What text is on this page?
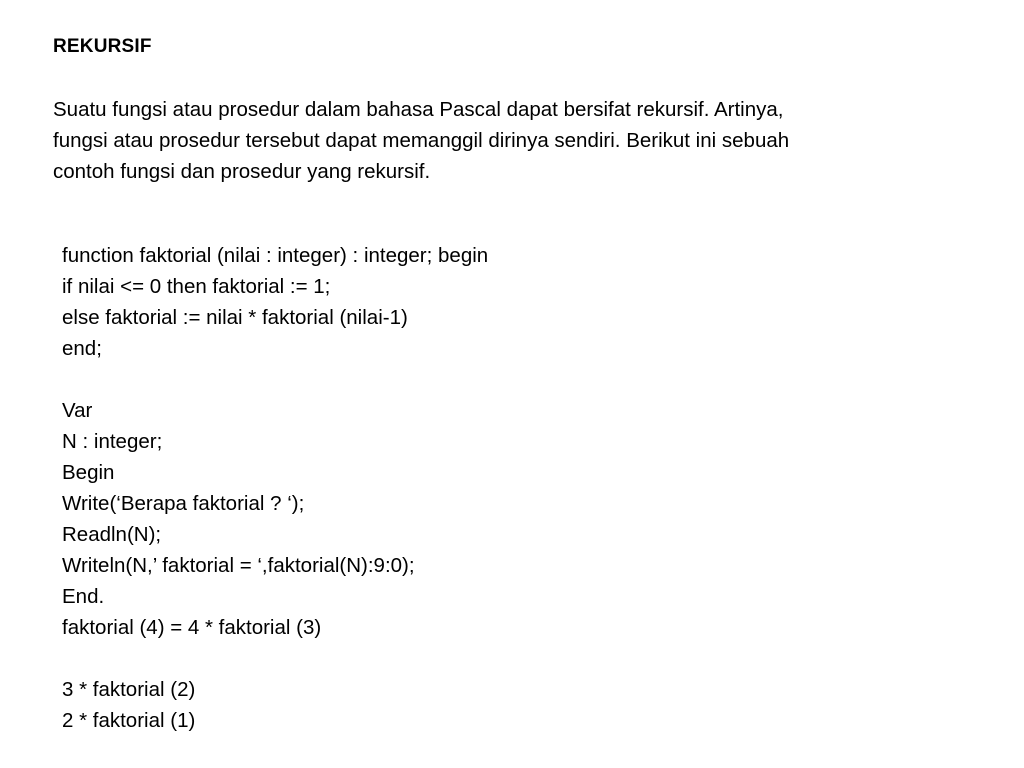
REKURSIF
Suatu fungsi atau prosedur dalam bahasa Pascal dapat bersifat rekursif. Artinya,
fungsi atau prosedur tersebut dapat memanggil dirinya sendiri. Berikut ini sebuah
contoh fungsi dan prosedur yang rekursif.
function faktorial (nilai : integer) : integer; begin
if nilai <= 0 then faktorial := 1;
else faktorial := nilai * faktorial (nilai-1)
end;
Var
N : integer;
Begin
Write(‘Berapa faktorial ? ‘);
Readln(N);
Writeln(N,’ faktorial = ‘,faktorial(N):9:0);
End.
faktorial (4) = 4 * faktorial (3)
3 * faktorial (2)
2 * faktorial (1)
